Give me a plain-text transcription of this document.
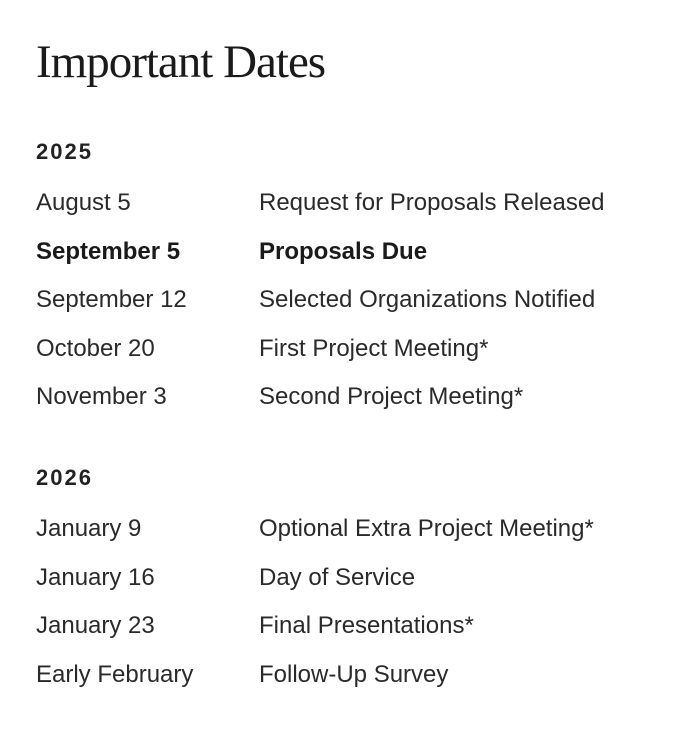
Important Dates
2025
August 5	Request for Proposals Released
September 5	Proposals Due
September 12	Selected Organizations Notified
October 20	First Project Meeting*
November 3	Second Project Meeting*
2026
January 9	Optional Extra Project Meeting*
January 16	Day of Service
January 23	Final Presentations*
Early February	Follow-Up Survey
